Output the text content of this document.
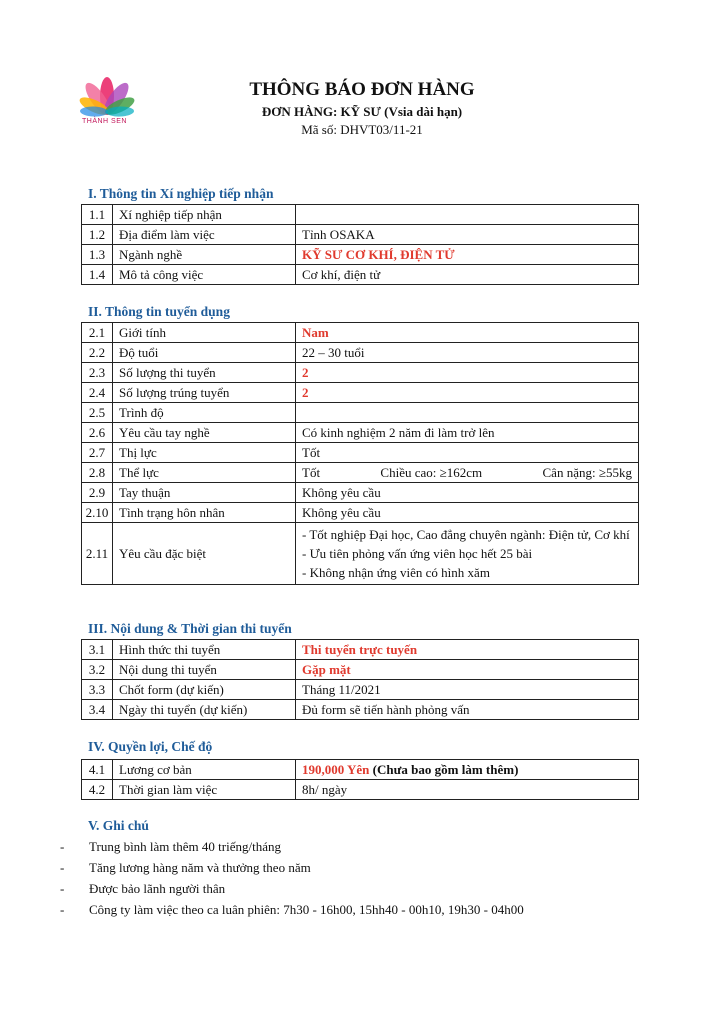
THÀNH SEN
THÔNG BÁO ĐƠN HÀNG
ĐƠN HÀNG: KỸ SƯ (Vsia dài hạn)
Mã số: DHVT03/11-21
I. Thông tin Xí nghiệp tiếp nhận
1.1	Xí nghiệp tiếp nhận	
1.2	Địa điểm làm việc	Tỉnh OSAKA
1.3	Ngành nghề	KỸ SƯ CƠ KHÍ, ĐIỆN TỬ
1.4	Mô tả công việc	Cơ khí, điện tử
II. Thông tin tuyển dụng
2.1	Giới tính	Nam
2.2	Độ tuổi	22 – 30 tuổi
2.3	Số lượng thi tuyển	2
2.4	Số lượng trúng tuyển	2
2.5	Trình độ	
2.6	Yêu cầu tay nghề	Có kinh nghiệm 2 năm đi làm trở lên
2.7	Thị lực	Tốt
2.8	Thể lực	Tốt Chiều cao: ≥162cm Cân nặng: ≥55kg

2.9	Tay thuận	Không yêu cầu
2.10	Tình trạng hôn nhân	Không yêu cầu
2.11	Yêu cầu đặc biệt	- Tốt nghiệp Đại học, Cao đẳng chuyên ngành: Điện tử, Cơ khí
- Ưu tiên phỏng vấn ứng viên học hết 25 bài
- Không nhận ứng viên có hình xăm
III. Nội dung & Thời gian thi tuyển
3.1	Hình thức thi tuyển	Thi tuyển trực tuyến
3.2	Nội dung thi tuyển	Gặp mặt
3.3	Chốt form (dự kiến)	Tháng 11/2021
3.4	Ngày thi tuyển (dự kiến)	Đủ form sẽ tiến hành phỏng vấn
IV. Quyền lợi, Chế độ
4.1	Lương cơ bản	190,000 Yên (Chưa bao gồm làm thêm)
4.2	Thời gian làm việc	8h/ ngày
V. Ghi chú
-	Trung bình làm thêm 40 triếng/tháng
-	Tăng lương hàng năm và thưởng theo năm
-	Được bảo lãnh người thân
-	Công ty làm việc theo ca luân phiên: 7h30 - 16h00, 15hh40 - 00h10, 19h30 - 04h00
